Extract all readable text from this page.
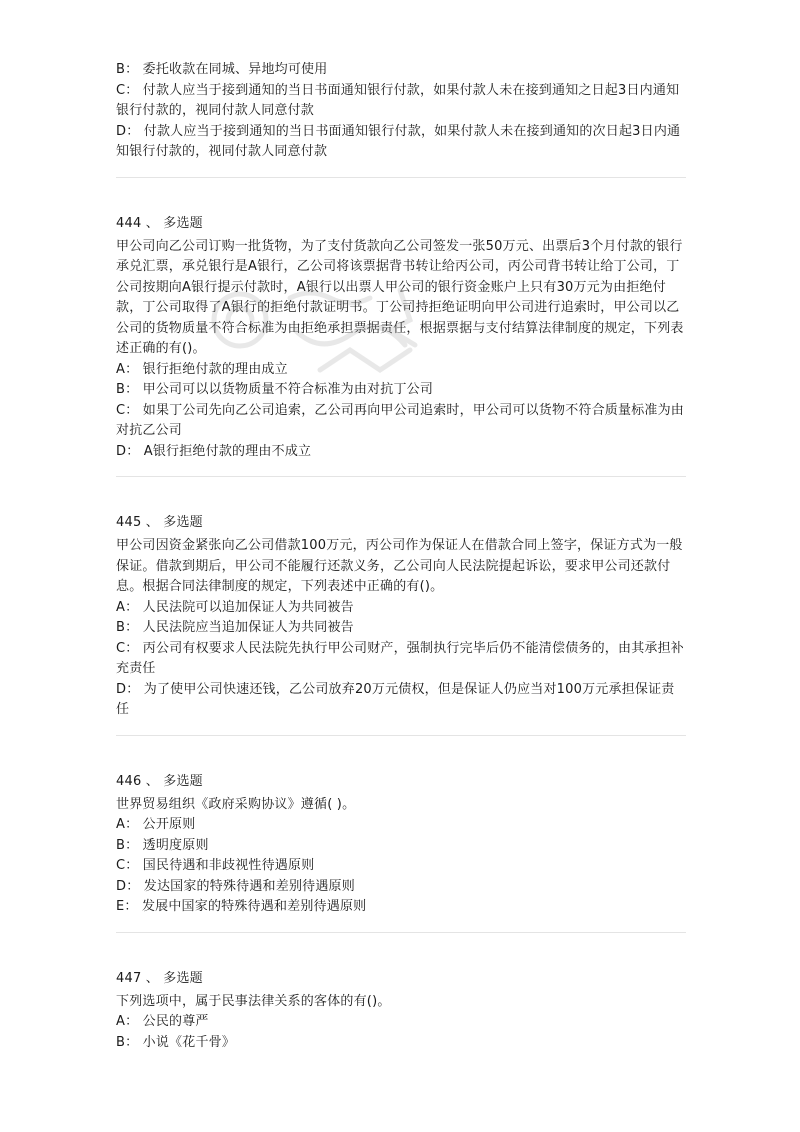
B： 委托收款在同城、异地均可使用
C： 付款人应当于接到通知的当日书面通知银行付款，如果付款人未在接到通知之日起3日内通知银行付款的，视同付款人同意付款
D： 付款人应当于接到通知的当日书面通知银行付款，如果付款人未在接到通知的次日起3日内通知银行付款的，视同付款人同意付款
444 、 多选题
甲公司向乙公司订购一批货物，为了支付货款向乙公司签发一张50万元、出票后3个月付款的银行承兑汇票，承兑银行是A银行，乙公司将该票据背书转让给丙公司，丙公司背书转让给丁公司，丁公司按期向A银行提示付款时，A银行以出票人甲公司的银行资金账户上只有30万元为由拒绝付款，丁公司取得了A银行的拒绝付款证明书。丁公司持拒绝证明向甲公司进行追索时，甲公司以乙公司的货物质量不符合标准为由拒绝承担票据责任，根据票据与支付结算法律制度的规定，下列表述正确的有()。
A： 银行拒绝付款的理由成立
B： 甲公司可以以货物质量不符合标准为由对抗丁公司
C： 如果丁公司先向乙公司追索，乙公司再向甲公司追索时，甲公司可以货物不符合质量标准为由对抗乙公司
D： A银行拒绝付款的理由不成立
445 、 多选题
甲公司因资金紧张向乙公司借款100万元，丙公司作为保证人在借款合同上签字，保证方式为一般保证。借款到期后，甲公司不能履行还款义务，乙公司向人民法院提起诉讼，要求甲公司还款付息。根据合同法律制度的规定，下列表述中正确的有()。
A： 人民法院可以追加保证人为共同被告
B： 人民法院应当追加保证人为共同被告
C： 丙公司有权要求人民法院先执行甲公司财产，强制执行完毕后仍不能清偿债务的，由其承担补充责任
D： 为了使甲公司快速还钱，乙公司放弃20万元债权，但是保证人仍应当对100万元承担保证责任
446 、 多选题
世界贸易组织《政府采购协议》遵循( )。
A： 公开原则
B： 透明度原则
C： 国民待遇和非歧视性待遇原则
D： 发达国家的特殊待遇和差别待遇原则
E： 发展中国家的特殊待遇和差别待遇原则
447 、 多选题
下列选项中，属于民事法律关系的客体的有()。
A： 公民的尊严
B： 小说《花千骨》
